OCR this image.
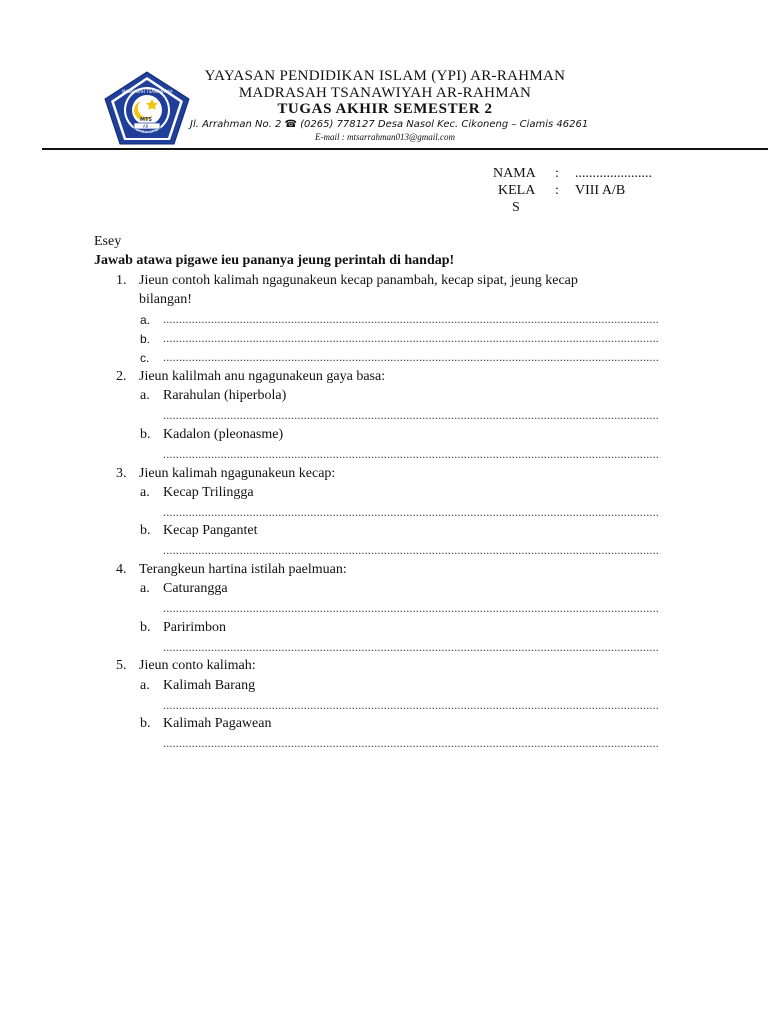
AR - RAHMAN
MTS
MADRASAH TSANAWIYAH
YAYASAN PENDIDIKAN ISLAM (YPI) AR-RAHMAN
MADRASAH TSANAWIYAH AR-RAHMAN
TUGAS AKHIR SEMESTER 2
Jl. Arrahman No. 2 ☎ (0265) 778127 Desa Nasol Kec. Cikoneng – Ciamis 46261
E-mail : mtsarrahman013@gmail.com
NAMA : ......................
KELA
S
: VIII A/B
Esey
Jawab atawa pigawe ieu pananya jeung perintah di handap!
1. Jieun contoh kalimah ngagunakeun kecap panambah, kecap sipat, jeung kecap
bilangan!
a. ...........................................................................................................................................................
b. ...........................................................................................................................................................
c. ...........................................................................................................................................................
2. Jieun kalilmah anu ngagunakeun gaya basa:
a. Rarahulan (hiperbola)
...........................................................................................................................................................
b. Kadalon (pleonasme)
...........................................................................................................................................................
3. Jieun kalimah ngagunakeun kecap:
a. Kecap Trilingga
...........................................................................................................................................................
b. Kecap Pangantet
...........................................................................................................................................................
4. Terangkeun hartina istilah paelmuan:
a. Caturangga
...........................................................................................................................................................
b. Paririmbon
...........................................................................................................................................................
5. Jieun conto kalimah:
a. Kalimah Barang
...........................................................................................................................................................
b. Kalimah Pagawean
...........................................................................................................................................................
